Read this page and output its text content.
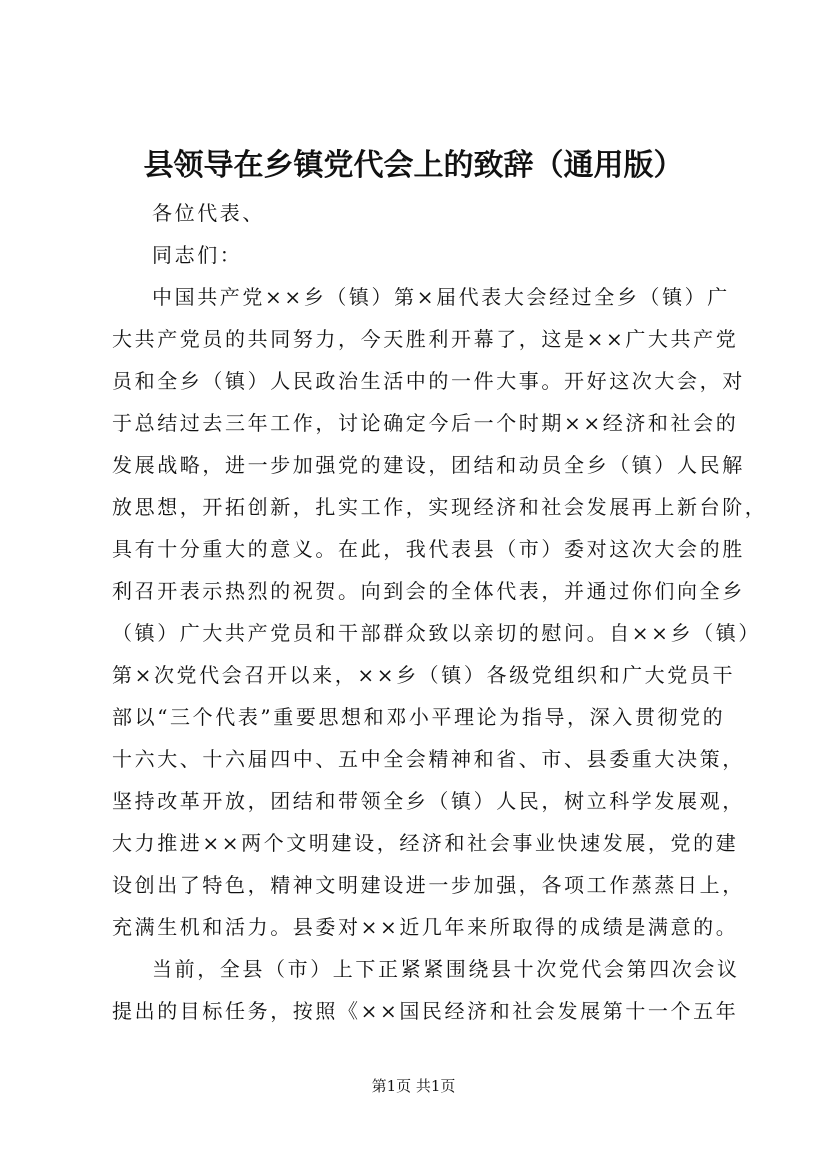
县领导在乡镇党代会上的致辞（通用版）
各位代表、
同志们：
中国共产党××乡（镇）第×届代表大会经过全乡（镇）广
大共产党员的共同努力，今天胜利开幕了，这是××广大共产党
员和全乡（镇）人民政治生活中的一件大事。开好这次大会，对
于总结过去三年工作，讨论确定今后一个时期××经济和社会的
发展战略，进一步加强党的建设，团结和动员全乡（镇）人民解
放思想，开拓创新，扎实工作，实现经济和社会发展再上新台阶，
具有十分重大的意义。在此，我代表县（市）委对这次大会的胜
利召开表示热烈的祝贺。向到会的全体代表，并通过你们向全乡
（镇）广大共产党员和干部群众致以亲切的慰问。自××乡（镇）
第×次党代会召开以来，××乡（镇）各级党组织和广大党员干
部以“三个代表”重要思想和邓小平理论为指导，深入贯彻党的
十六大、十六届四中、五中全会精神和省、市、县委重大决策，
坚持改革开放，团结和带领全乡（镇）人民，树立科学发展观，
大力推进××两个文明建设，经济和社会事业快速发展，党的建
设创出了特色，精神文明建设进一步加强，各项工作蒸蒸日上，
充满生机和活力。县委对××近几年来所取得的成绩是满意的。
当前，全县（市）上下正紧紧围绕县十次党代会第四次会议
提出的目标任务，按照《××国民经济和社会发展第十一个五年
第1页 共1页
